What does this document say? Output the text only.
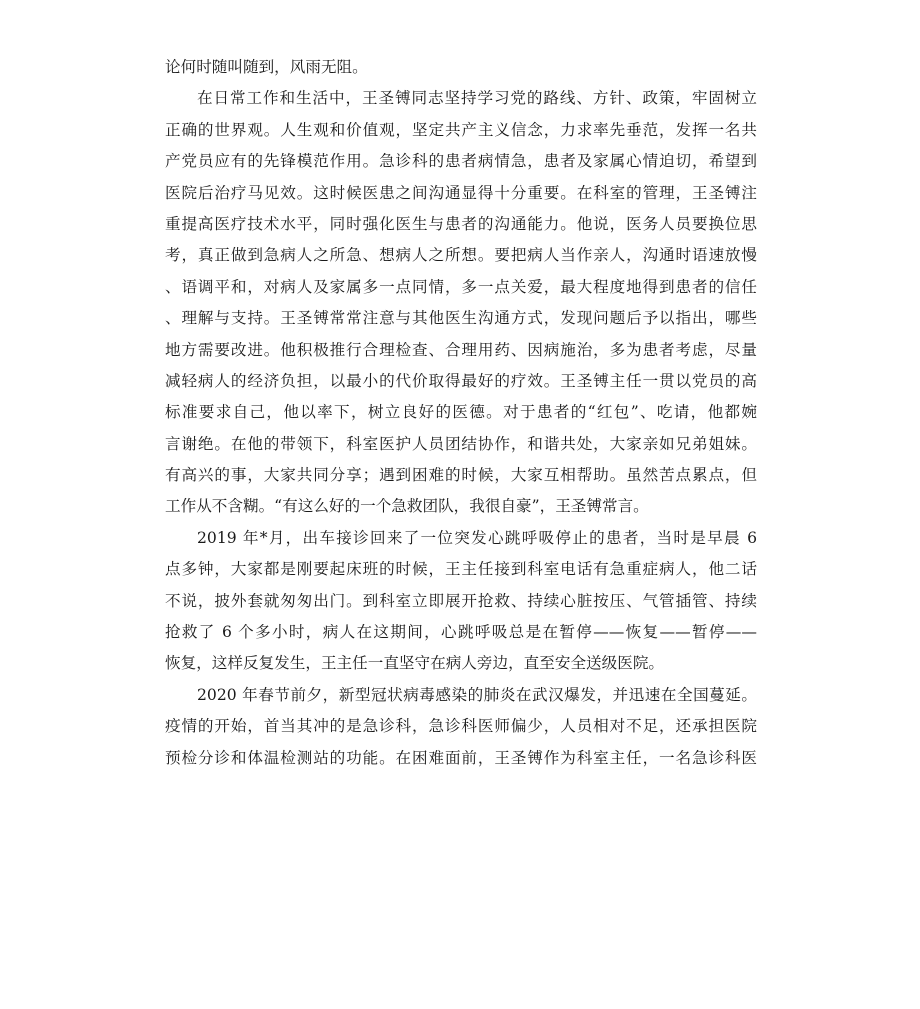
论何时随叫随到，风雨无阻。
在日常工作和生活中，王圣镈同志坚持学习党的路线、方针、政策，牢固树立
正确的世界观。人生观和价值观，坚定共产主义信念，力求率先垂范，发挥一名共
产党员应有的先锋模范作用。急诊科的患者病情急，患者及家属心情迫切，希望到
医院后治疗马见效。这时候医患之间沟通显得十分重要。在科室的管理，王圣镈注
重提高医疗技术水平，同时强化医生与患者的沟通能力。他说，医务人员要换位思
考，真正做到急病人之所急、想病人之所想。要把病人当作亲人，沟通时语速放慢
、语调平和，对病人及家属多一点同情，多一点关爱，最大程度地得到患者的信任
、理解与支持。王圣镈常常注意与其他医生沟通方式，发现问题后予以指出，哪些
地方需要改进。他积极推行合理检查、合理用药、因病施治，多为患者考虑，尽量
减轻病人的经济负担，以最小的代价取得最好的疗效。王圣镈主任一贯以党员的高
标准要求自己，他以率下，树立良好的医德。对于患者的“红包”、吃请，他都婉
言谢绝。在他的带领下，科室医护人员团结协作，和谐共处，大家亲如兄弟姐妹。
有高兴的事，大家共同分享；遇到困难的时候，大家互相帮助。虽然苦点累点，但
工作从不含糊。“有这么好的一个急救团队，我很自豪”，王圣镈常言。
2019 年*月，出车接诊回来了一位突发心跳呼吸停止的患者，当时是早晨 6
点多钟，大家都是刚要起床班的时候，王主任接到科室电话有急重症病人，他二话
不说，披外套就匆匆出门。到科室立即展开抢救、持续心脏按压、气管插管、持续
抢救了 6 个多小时，病人在这期间，心跳呼吸总是在暂停——恢复——暂停——
恢复，这样反复发生，王主任一直坚守在病人旁边，直至安全送级医院。
2020 年春节前夕，新型冠状病毒感染的肺炎在武汉爆发，并迅速在全国蔓延。
疫情的开始，首当其冲的是急诊科，急诊科医师偏少，人员相对不足，还承担医院
预检分诊和体温检测站的功能。在困难面前，王圣镈作为科室主任，一名急诊科医
